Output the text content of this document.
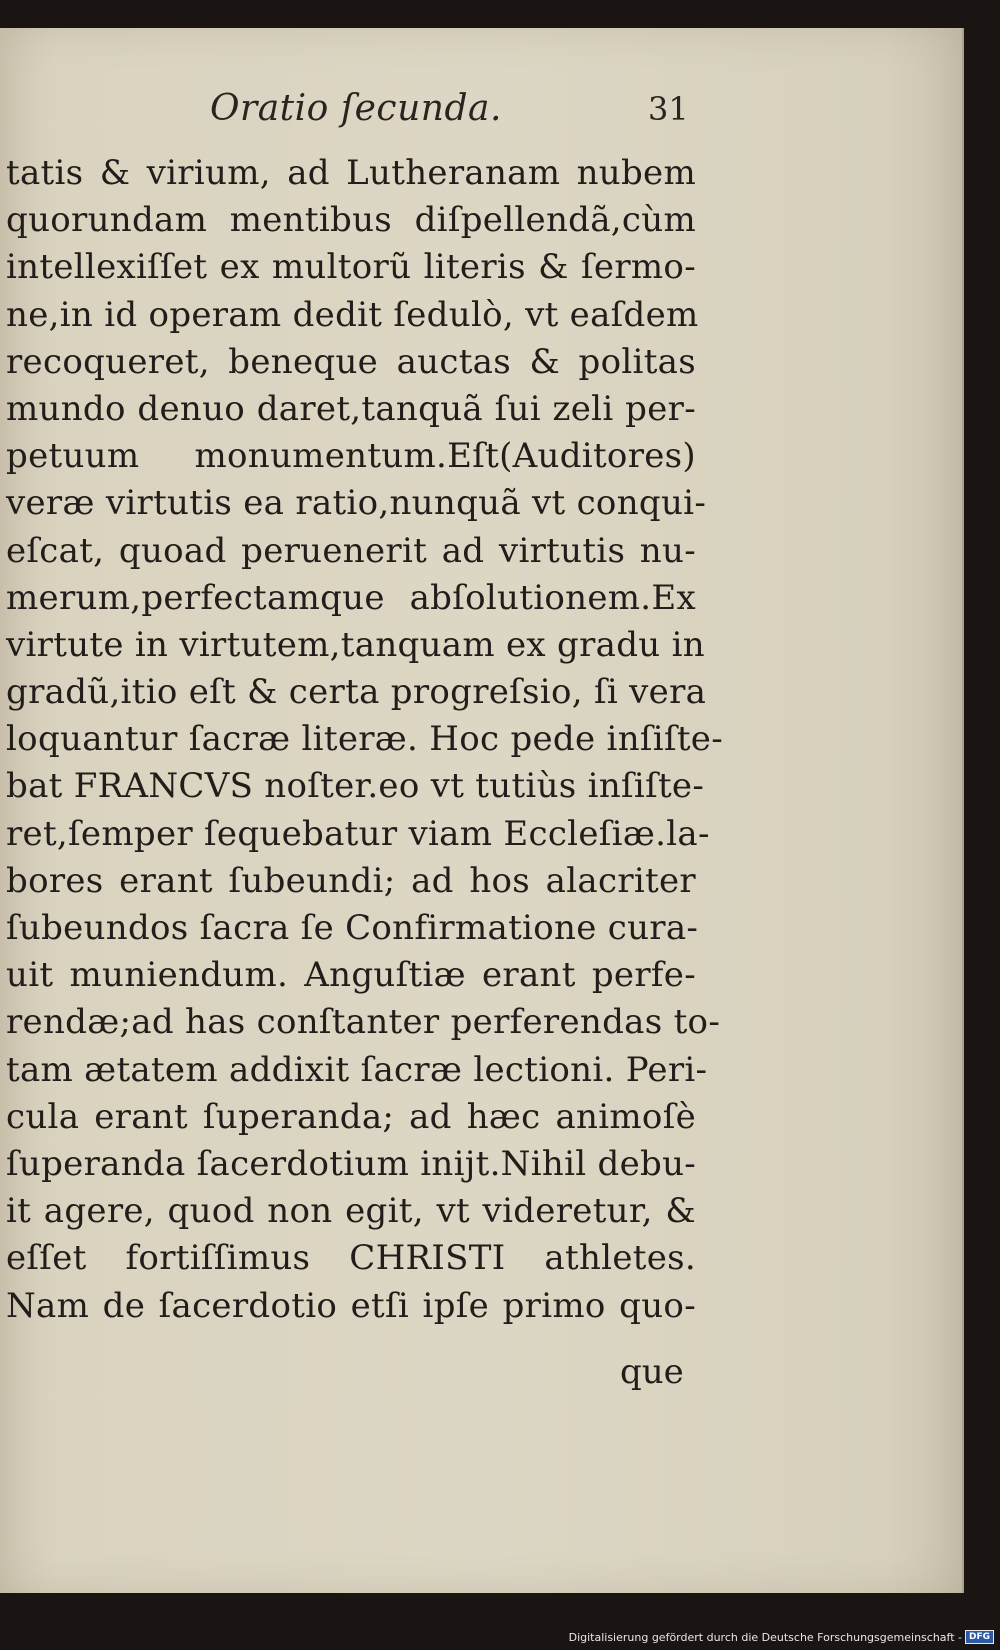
Oratio ſecunda.	31
tatis & virium, ad Lutheranam nubem
quorundam mentibus diſpellendã,cùm
intellexiſſet ex multorũ literis & ſermo-
ne,in id operam dedit ſedulò, vt eaſdem
recoqueret, beneque auctas & politas
mundo denuo daret,tanquã ſui zeli per-
petuum monumentum.Eſt(Auditores)
veræ virtutis ea ratio,nunquã vt conqui-
eſcat, quoad peruenerit ad virtutis nu-
merum,perfectamque abſolutionem.Ex
virtute in virtutem,tanquam ex gradu in
gradũ,itio eſt & certa progreſsio, ſi vera
loquantur ſacræ literæ. Hoc pede inſiſte-
bat FRANCVS noſter.eo vt tutiùs inſiſte-
ret,ſemper ſequebatur viam Eccleſiæ.la-
bores erant ſubeundi; ad hos alacriter
ſubeundos ſacra ſe Confirmatione cura-
uit muniendum. Anguſtiæ erant perfe-
rendæ;ad has conſtanter perferendas to-
tam ætatem addixit ſacræ lectioni. Peri-
cula erant ſuperanda; ad hæc animoſè
ſuperanda ſacerdotium inijt.Nihil debu-
it agere, quod non egit, vt videretur, &
eſſet fortiſſimus CHRISTI athletes.
Nam de ſacerdotio etſi ipſe primo quo-
que
Digitalisierung gefördert durch die Deutsche Forschungsgemeinschaft - DFG
